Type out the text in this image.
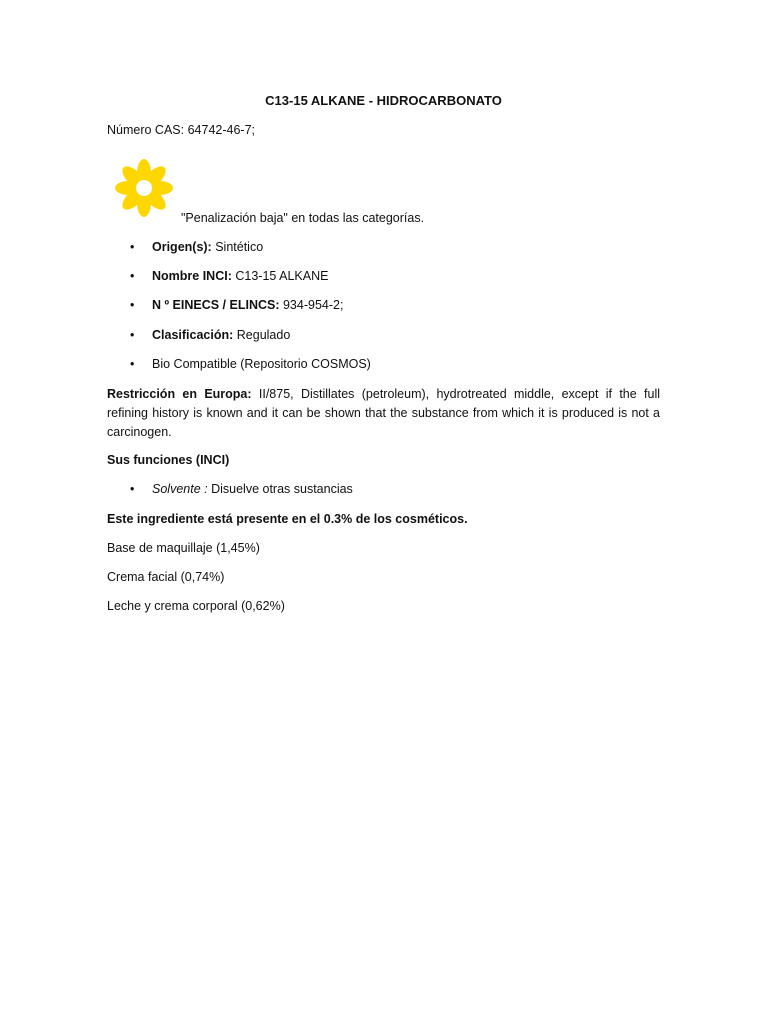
C13-15 ALKANE - HIDROCARBONATO
Número CAS: 64742-46-7;
"Penalización baja" en todas las categorías.
• Origen(s): Sintético
• Nombre INCI: C13-15 ALKANE
• N º EINECS / ELINCS: 934-954-2;
• Clasificación: Regulado
• Bio Compatible (Repositorio COSMOS)
Restricción en Europa: II/875, Distillates (petroleum), hydrotreated middle, except if the full refining history is known and it can be shown that the substance from which it is produced is not a carcinogen.
Sus funciones (INCI)
• Solvente : Disuelve otras sustancias
Este ingrediente está presente en el 0.3% de los cosméticos.
Base de maquillaje (1,45%)
Crema facial (0,74%)
Leche y crema corporal (0,62%)
